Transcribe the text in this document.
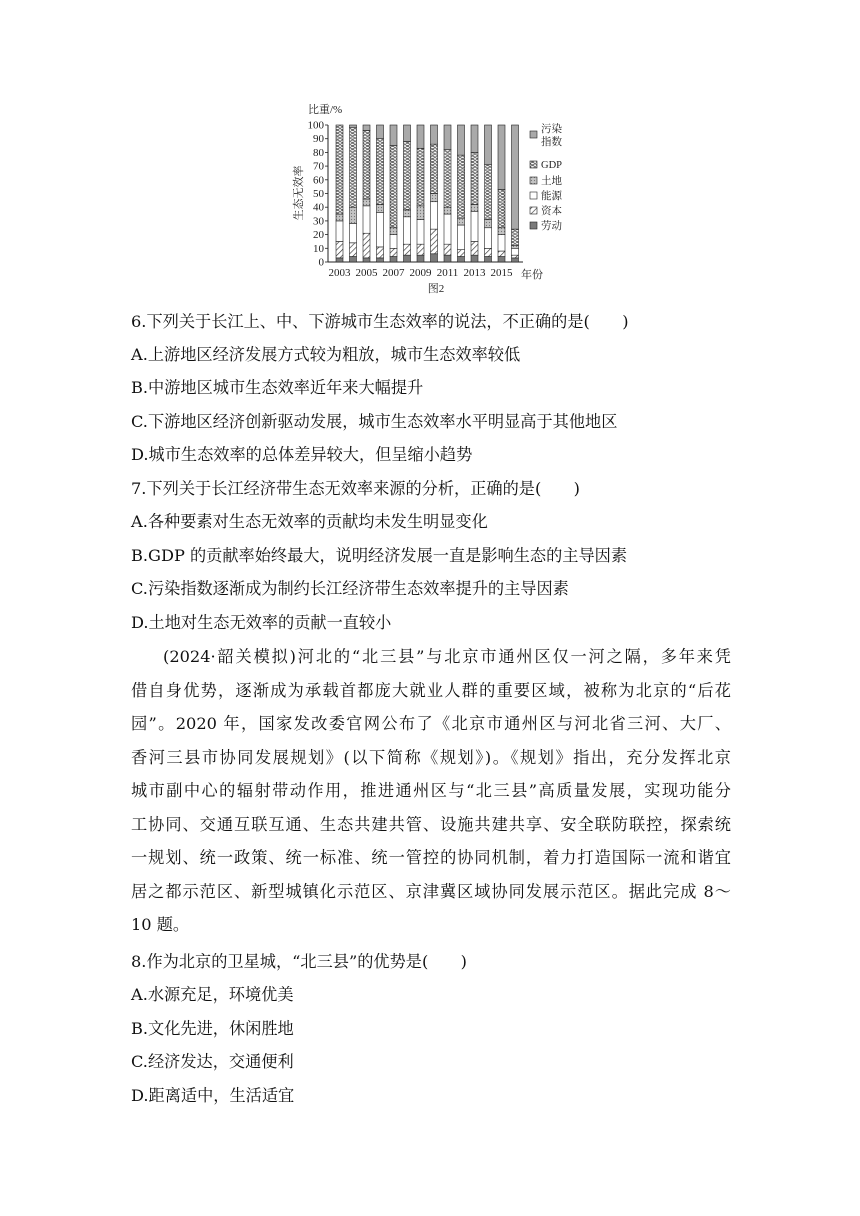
0
10
20
30
40
50
60
70
80
90
100
2003 2005 2007 2009 2011 2013 2015
污染指数
GDP
土地
能源
资本
劳动
比重/%
生态无效率
年份
图2
6.下列关于长江上、中、下游城市生态效率的说法，不正确的是(　　)
A.上游地区经济发展方式较为粗放，城市生态效率较低
B.中游地区城市生态效率近年来大幅提升
C.下游地区经济创新驱动发展，城市生态效率水平明显高于其他地区
D.城市生态效率的总体差异较大，但呈缩小趋势
7.下列关于长江经济带生态无效率来源的分析，正确的是(　　)
A.各种要素对生态无效率的贡献均未发生明显变化
B.GDP 的贡献率始终最大，说明经济发展一直是影响生态的主导因素
C.污染指数逐渐成为制约长江经济带生态效率提升的主导因素
D.土地对生态无效率的贡献一直较小
(2024·韶关模拟)河北的“北三县”与北京市通州区仅一河之隔，多年来凭
借自身优势，逐渐成为承载首都庞大就业人群的重要区域，被称为北京的“后花
园”。2020 年，国家发改委官网公布了《北京市通州区与河北省三河、大厂、
香河三县市协同发展规划》(以下简称《规划》)。《规划》指出，充分发挥北京
城市副中心的辐射带动作用，推进通州区与“北三县”高质量发展，实现功能分
工协同、交通互联互通、生态共建共管、设施共建共享、安全联防联控，探索统
一规划、统一政策、统一标准、统一管控的协同机制，着力打造国际一流和谐宜
居之都示范区、新型城镇化示范区、京津冀区域协同发展示范区。据此完成 8～
10 题。
8.作为北京的卫星城，“北三县”的优势是(　　)
A.水源充足，环境优美
B.文化先进，休闲胜地
C.经济发达，交通便利
D.距离适中，生活适宜
